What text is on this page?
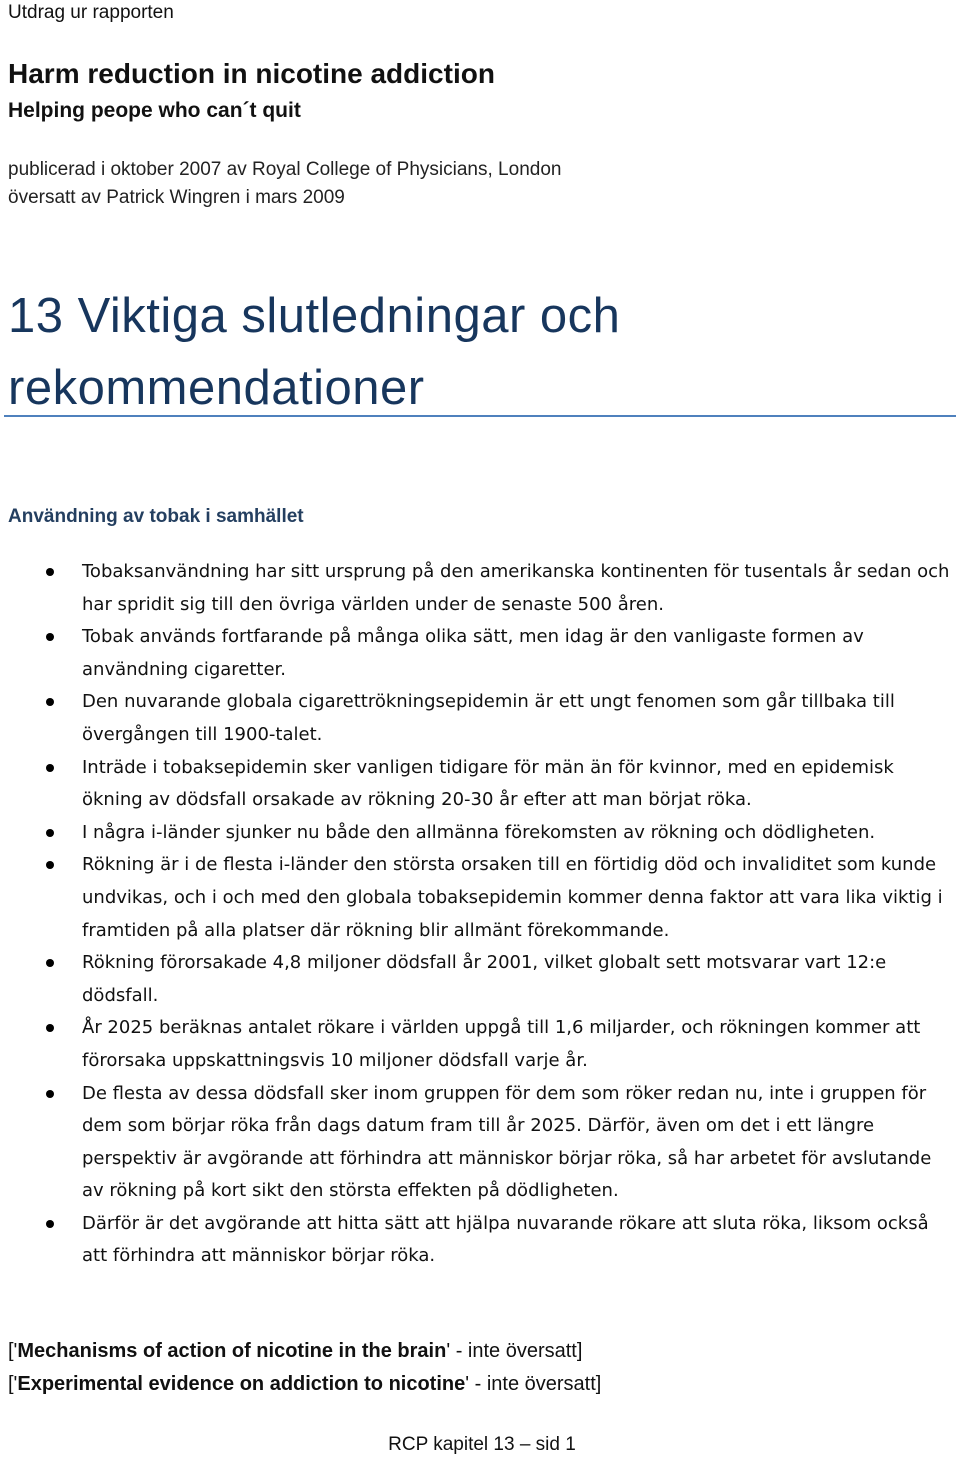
Utdrag ur rapporten
Harm reduction in nicotine addiction
Helping peope who can´t quit
publicerad i oktober 2007 av Royal College of Physicians, London
översatt av Patrick Wingren i mars 2009
13 Viktiga slutledningar och
rekommendationer
Användning av tobak i samhället
Tobaksanvändning har sitt ursprung på den amerikanska kontinenten för tusentals år sedan och har spridit sig till den övriga världen under de senaste 500 åren.
Tobak används fortfarande på många olika sätt, men idag är den vanligaste formen av användning cigaretter.
Den nuvarande globala cigarettrökningsepidemin är ett ungt fenomen som går tillbaka till övergången till 1900-talet.
Inträde i tobaksepidemin sker vanligen tidigare för män än för kvinnor, med en epidemisk ökning av dödsfall orsakade av rökning 20-30 år efter att man börjat röka.
I några i-länder sjunker nu både den allmänna förekomsten av rökning och dödligheten.
Rökning är i de flesta i-länder den största orsaken till en förtidig död och invaliditet som kunde undvikas, och i och med den globala tobaksepidemin kommer denna faktor att vara lika viktig i framtiden på alla platser där rökning blir allmänt förekommande.
Rökning förorsakade 4,8 miljoner dödsfall år 2001, vilket globalt sett motsvarar vart 12:e dödsfall.
År 2025 beräknas antalet rökare i världen uppgå till 1,6 miljarder, och rökningen kommer att förorsaka uppskattningsvis 10 miljoner dödsfall varje år.
De flesta av dessa dödsfall sker inom gruppen för dem som röker redan nu, inte i gruppen för dem som börjar röka från dags datum fram till år 2025. Därför, även om det i ett längre perspektiv är avgörande att förhindra att människor börjar röka, så har arbetet för avslutande av rökning på kort sikt den största effekten på dödligheten.
Därför är det avgörande att hitta sätt att hjälpa nuvarande rökare att sluta röka, liksom också att förhindra att människor börjar röka.
['Mechanisms of action of nicotine in the brain' - inte översatt]
['Experimental evidence on addiction to nicotine' - inte översatt]
RCP kapitel 13 – sid 1
